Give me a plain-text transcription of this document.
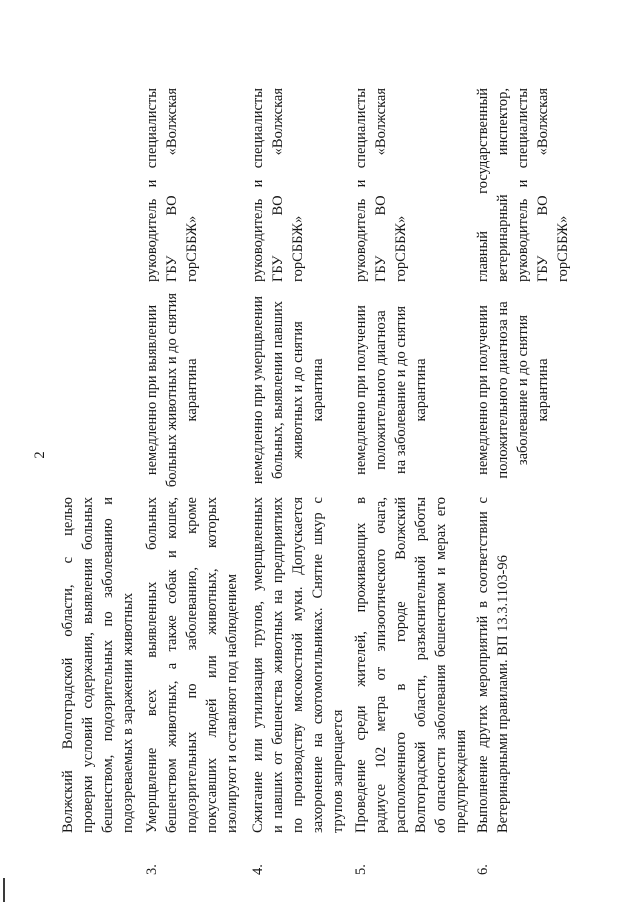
2
Волжский Волгоградской области, с целью проверки условий содержания, выявления больных бешенством, подозрительных по заболеванию и подозреваемых в заражении животных
3.
Умерщвление всех выявленных больных бешенством животных, а также собак и кошек, подозрительных по заболеванию, кроме покусавших людей или животных, которых изолируют и оставляют под наблюдением
немедленно при выявлении больных животных и до снятия карантина
руководитель и специалисты ГБУ ВО «Волжская горСББЖ»
4.
Сжигание или утилизация трупов, умерщвленных и павших от бешенства животных на предприятиях по производству мясокостной муки. Допускается захоронение на скотомогильниках. Снятие шкур с трупов запрещается
немедленно при умерщвлении больных, выявлении павших животных и до снятия карантина
руководитель и специалисты ГБУ ВО «Волжская горСББЖ»
5.
Проведение среди жителей, проживающих в радиусе 102 метра от эпизоотического очага, расположенного в городе Волжский Волгоградской области, разъяснительной работы об опасности заболевания бешенством и мерах его предупреждения
немедленно при получении положительного диагноза на заболевание и до снятия карантина
руководитель и специалисты ГБУ ВО «Волжская горСББЖ»
6.
Выполнение других мероприятий в соответствии с Ветеринарными правилами. ВП 13.3.1103-96
немедленно при получении положительного диагноза на заболевание и до снятия карантина
главный государственный ветеринарный инспектор, руководитель и специалисты ГБУ ВО «Волжская горСББЖ»
